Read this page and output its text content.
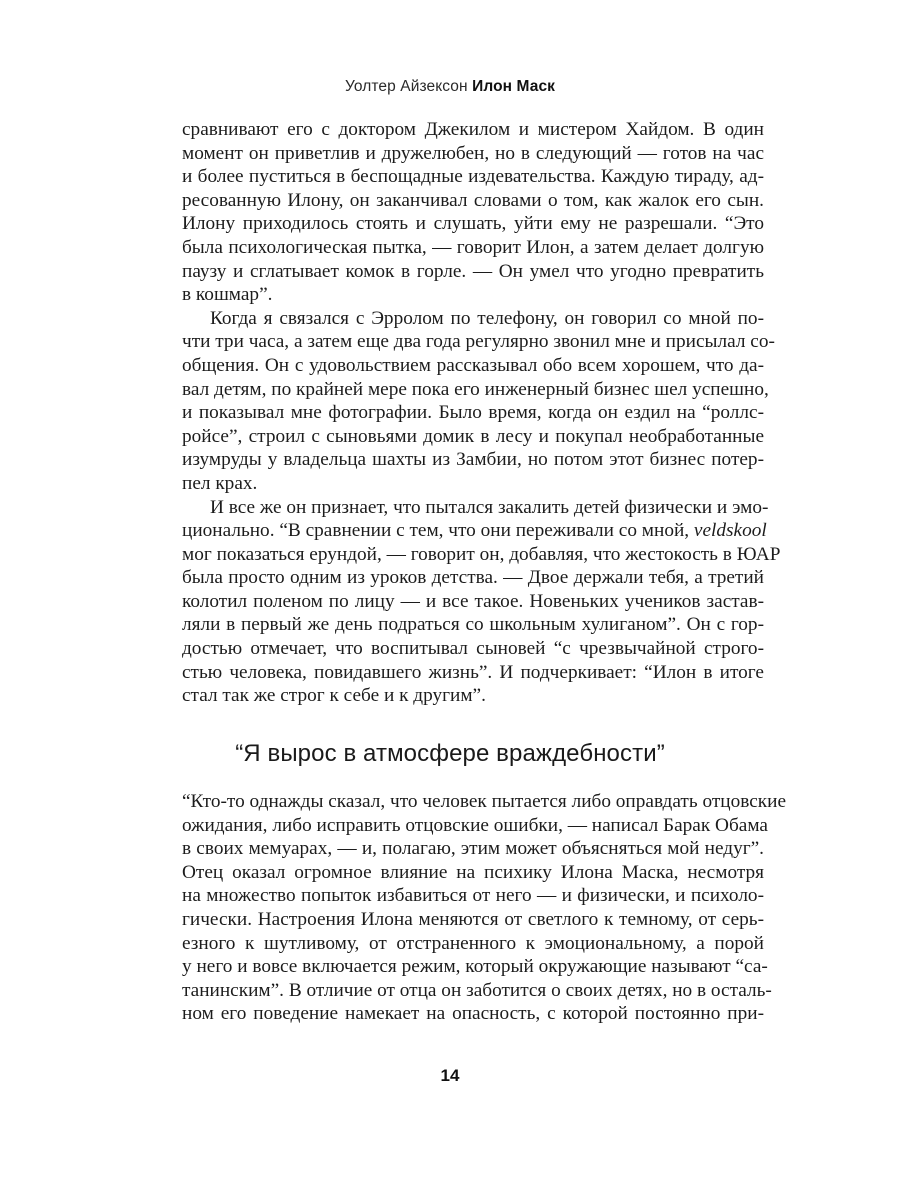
Уолтер Айзексон Илон Маск

сравнивают его с доктором Джекилом и мистером Хайдом. В один
момент он приветлив и дружелюбен, но в следующий — готов на час
и более пуститься в беспощадные издевательства. Каждую тираду, ад-
ресованную Илону, он заканчивал словами о том, как жалок его сын.
Илону приходилось стоять и слушать, уйти ему не разрешали. “Это
была психологическая пытка, — говорит Илон, а затем делает долгую
паузу и сглатывает комок в горле. — Он умел что угодно превратить
в кошмар”.

Когда я связался с Эрролом по телефону, он говорил со мной по-
чти три часа, а затем еще два года регулярно звонил мне и присылал со-
общения. Он с удовольствием рассказывал обо всем хорошем, что да-
вал детям, по крайней мере пока его инженерный бизнес шел успешно,
и показывал мне фотографии. Было время, когда он ездил на “роллс-
ройсе”, строил с сыновьями домик в лесу и покупал необработанные
изумруды у владельца шахты из Замбии, но потом этот бизнес потер-
пел крах.

И все же он признает, что пытался закалить детей физически и эмо-
ционально. “В сравнении с тем, что они переживали со мной, veldskool
мог показаться ерундой, — говорит он, добавляя, что жестокость в ЮАР
была просто одним из уроков детства. — Двое держали тебя, а третий
колотил поленом по лицу — и все такое. Новеньких учеников застав-
ляли в первый же день подраться со школьным хулиганом”. Он с гор-
достью отмечает, что воспитывал сыновей “с чрезвычайной строго-
стью человека, повидавшего жизнь”. И подчеркивает: “Илон в итоге
стал так же строг к себе и к другим”.

“Я вырос в атмосфере враждебности”

“Кто-то однажды сказал, что человек пытается либо оправдать отцовские
ожидания, либо исправить отцовские ошибки, — написал Барак Обама
в своих мемуарах, — и, полагаю, этим может объясняться мой недуг”.
Отец оказал огромное влияние на психику Илона Маска, несмотря
на множество попыток избавиться от него — и физически, и психоло-
гически. Настроения Илона меняются от светлого к темному, от серь-
езного к шутливому, от отстраненного к эмоциональному, а порой
у него и вовсе включается режим, который окружающие называют “са-
танинским”. В отличие от отца он заботится о своих детях, но в осталь-
ном его поведение намекает на опасность, с которой постоянно при-

14
